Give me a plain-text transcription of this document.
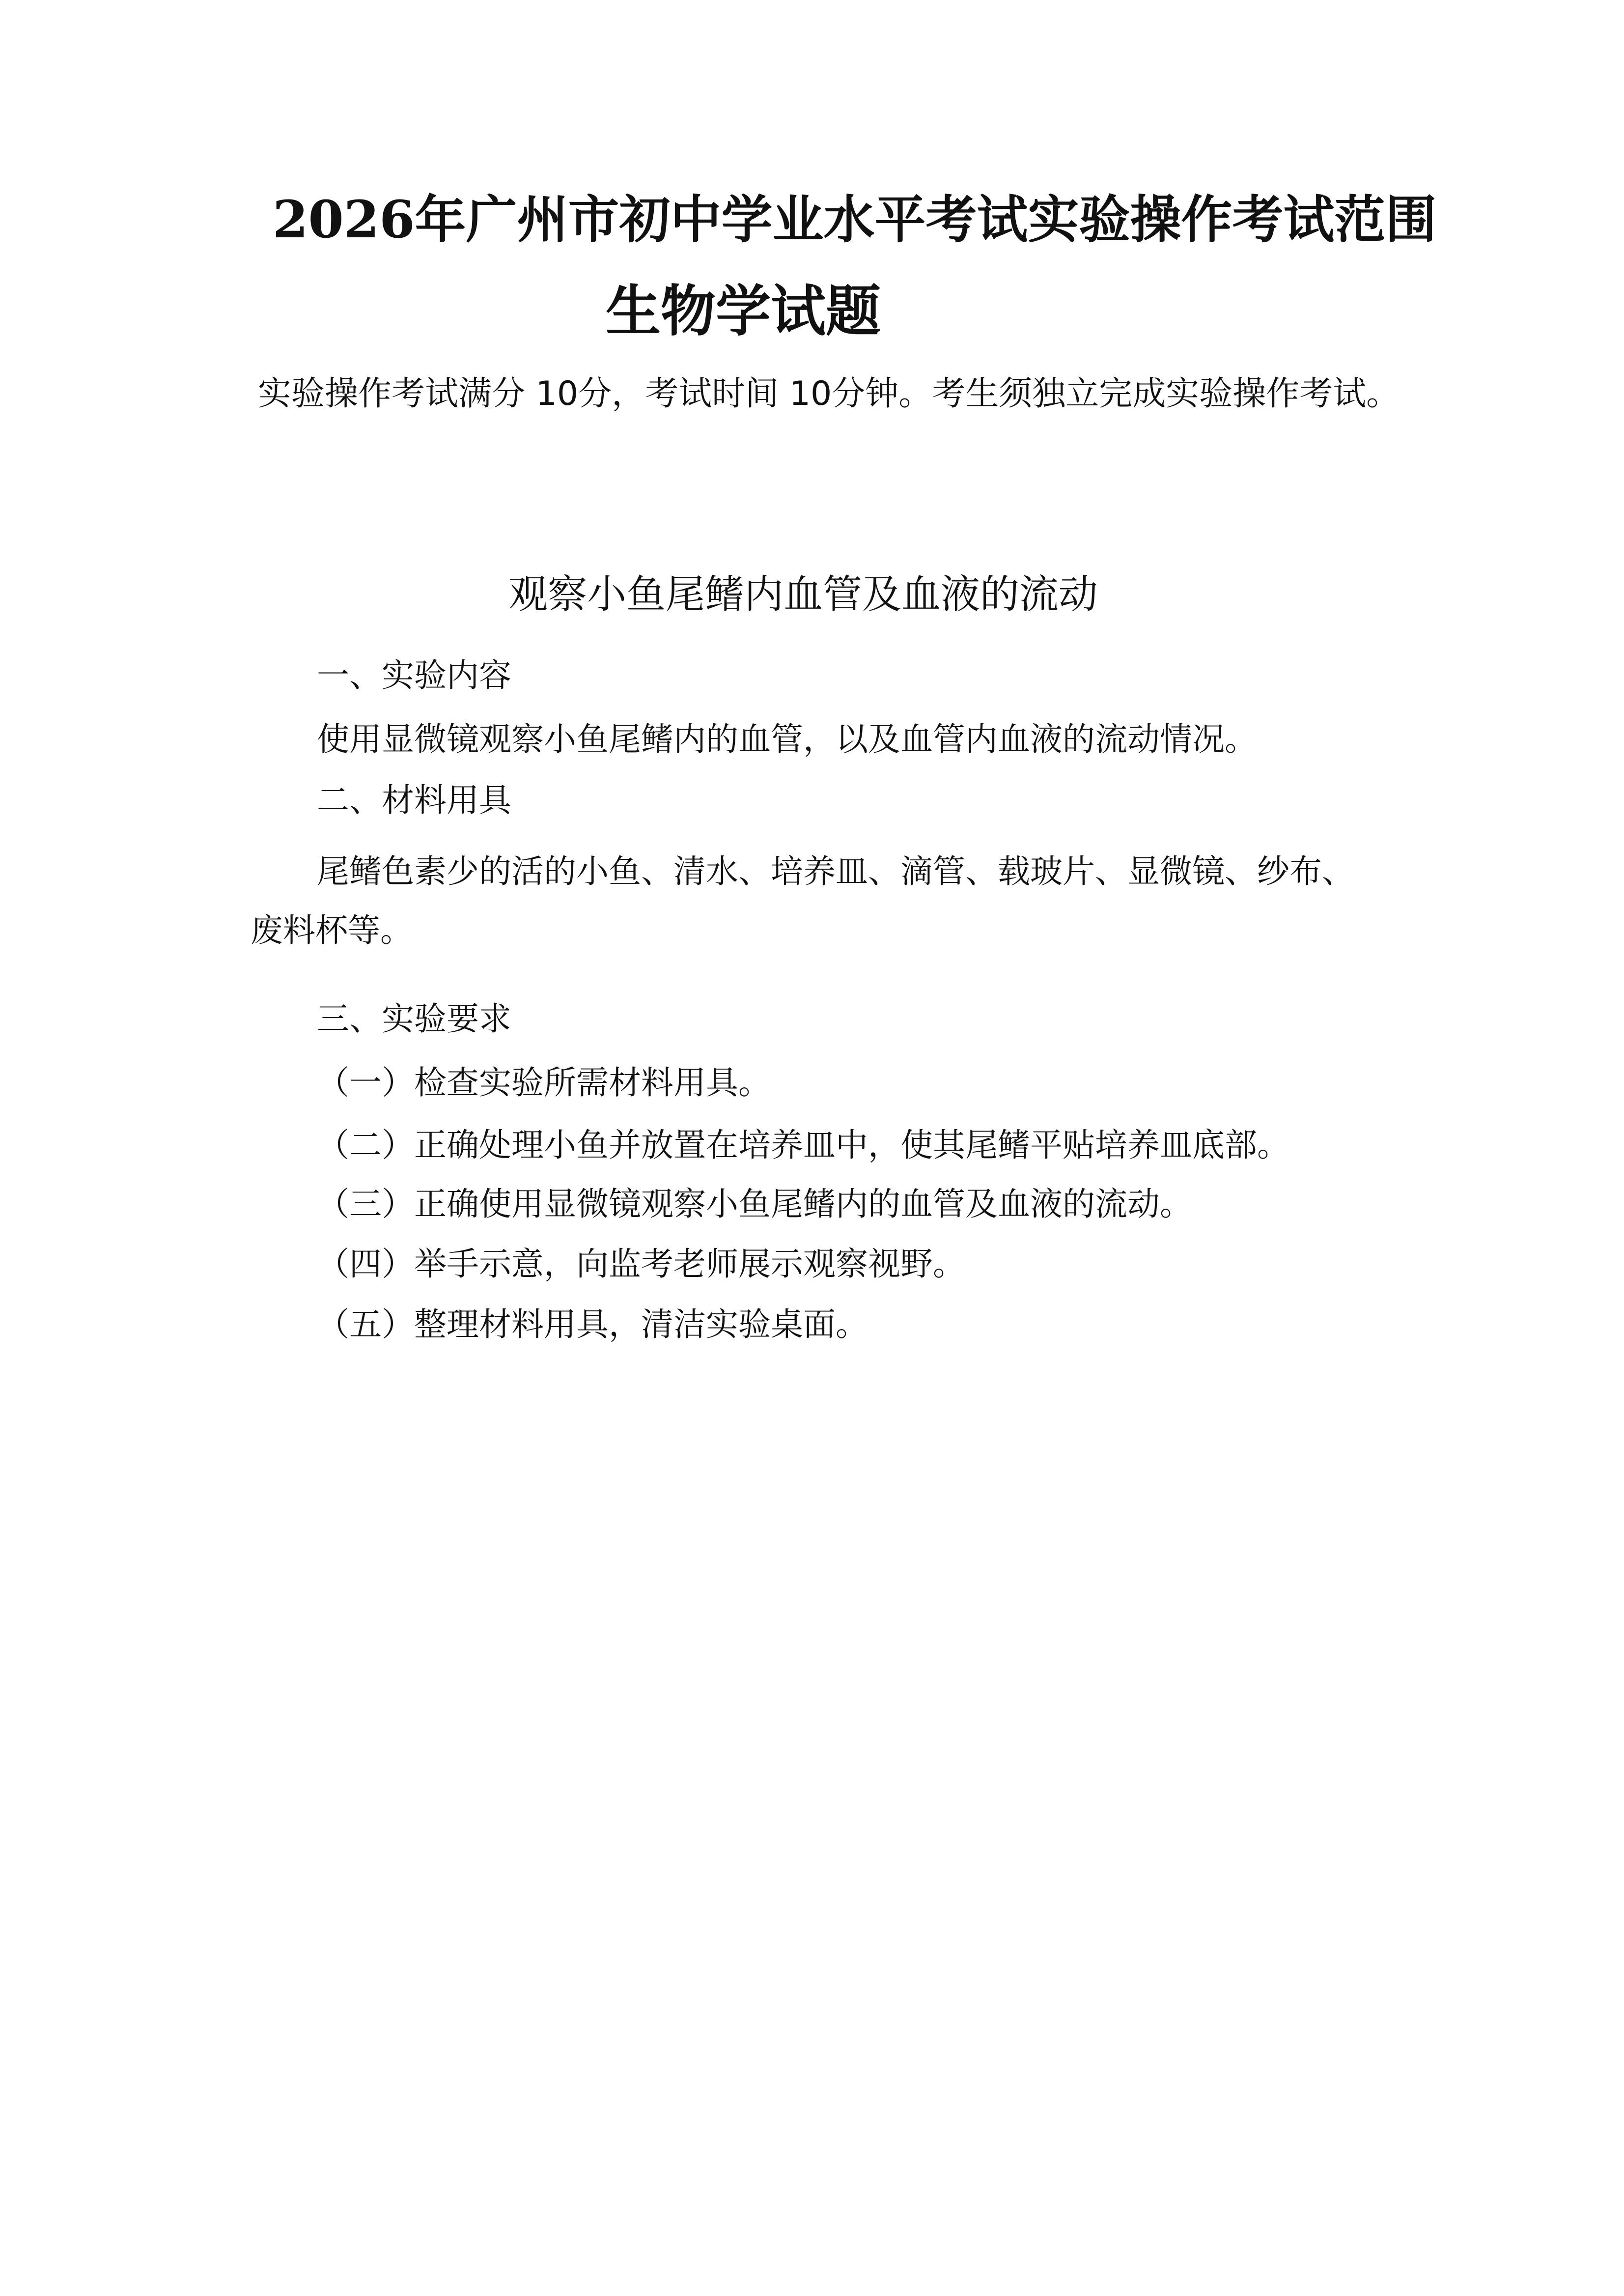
2026年广州市初中学业水平考试实验操作考试范围
生物学试题
实验操作考试满分 10分，考试时间 10分钟。考生须独立完成实验操作考试。
观察小鱼尾鳍内血管及血液的流动
一、实验内容
使用显微镜观察小鱼尾鳍内的血管，以及血管内血液的流动情况。
二、材料用具
尾鳍色素少的活的小鱼、清水、培养皿、滴管、载玻片、显微镜、纱布、
废料杯等。
三、实验要求
（一）检查实验所需材料用具。
（二）正确处理小鱼并放置在培养皿中，使其尾鳍平贴培养皿底部。
（三）正确使用显微镜观察小鱼尾鳍内的血管及血液的流动。
（四）举手示意，向监考老师展示观察视野。
（五）整理材料用具，清洁实验桌面。
